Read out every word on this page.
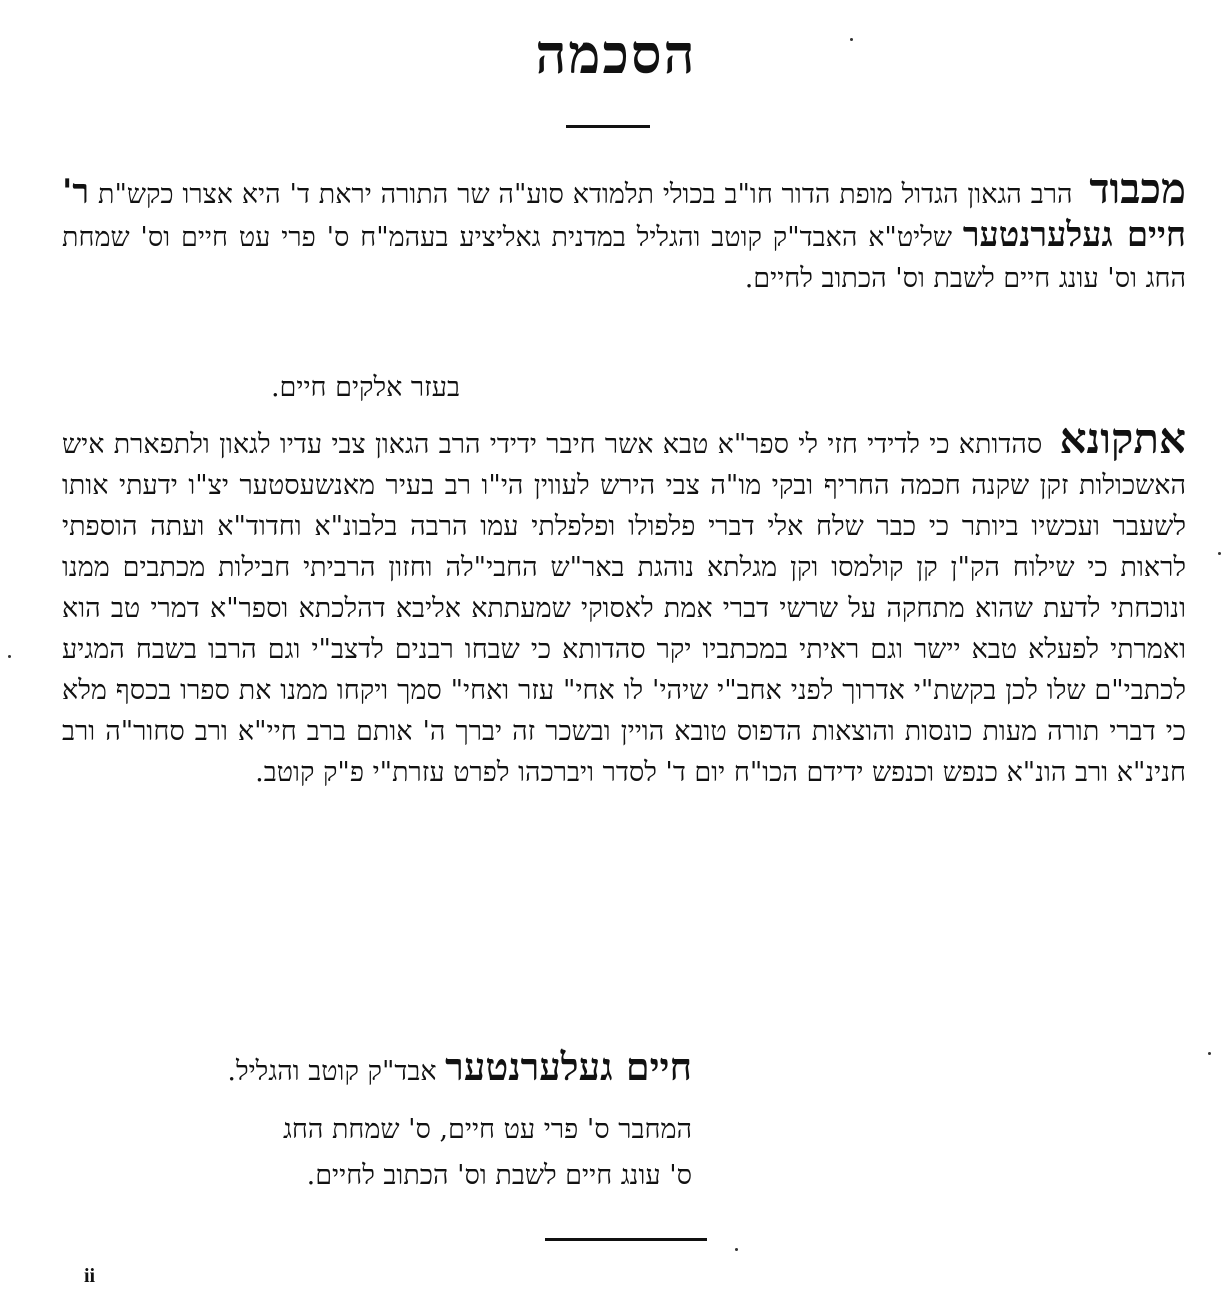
הסכמה
מכבוד הרב הגאון הגדול מופת הדור חו"ב בכולי תלמודא סוע"ה שר התורה יראת ד' היא אצרו כקש"ת ר' חיים געלערנטער שליט"א האבד"ק קוטב והגליל במדנית גאליציע בעהמ"ח ס' פרי עט חיים וס' שמחת החג וס' עונג חיים לשבת וס' הכתוב לחיים.
בעזר אלקים חיים.
אתקונא סהדותא כי לדידי חזי לי ספר"א טבא אשר חיבר ידידי הרב הגאון צבי עדיו לגאון ולתפארת איש האשכולות זקן שקנה חכמה החריף ובקי מו"ה צבי הירש לעווין הי"ו רב בעיר מאנשעסטער יצ"ו ידעתי אותו לשעבר ועכשיו ביותר כי כבר שלח אלי דברי פלפולו ופלפלתי עמו הרבה בלבונ"א וחדוד"א ועתה הוספתי לראות כי שילוח הק"ן קן קולמסו וקן מגלתא נוהגת באר"ש החבי"לה וחזון הרביתי חבילות מכתבים ממנו ונוכחתי לדעת שהוא מתחקה על שרשי דברי אמת לאסוקי שמעתתא אליבא דהלכתא וספר"א דמרי טב הוא ואמרתי לפעלא טבא יישר וגם ראיתי במכתביו יקר סהדותא כי שבחו רבנים לדצב"י וגם הרבו בשבח המגיע לכתבי"ם שלו לכן בקשת"י אדרוך לפני אחב"י שיהי' לו אחי" עזר ואחי" סמך ויקחו ממנו את ספרו בכסף מלא כי דברי תורה מעות כונסות והוצאות הדפוס טובא הויין ובשכר זה יברך ה' אותם ברב חיי"א ורב סחור"ה ורב חנינ"א ורב הונ"א כנפש וכנפש ידידם הכו"ח יום ד' לסדר ויברכהו לפרט עזרת"י פ"ק קוטב.
חיים געלערנטער אבד"ק קוטב והגליל.
המחבר ס' פרי עט חיים, ס' שמחת החג
ס' עונג חיים לשבת וס' הכתוב לחיים.
ii
